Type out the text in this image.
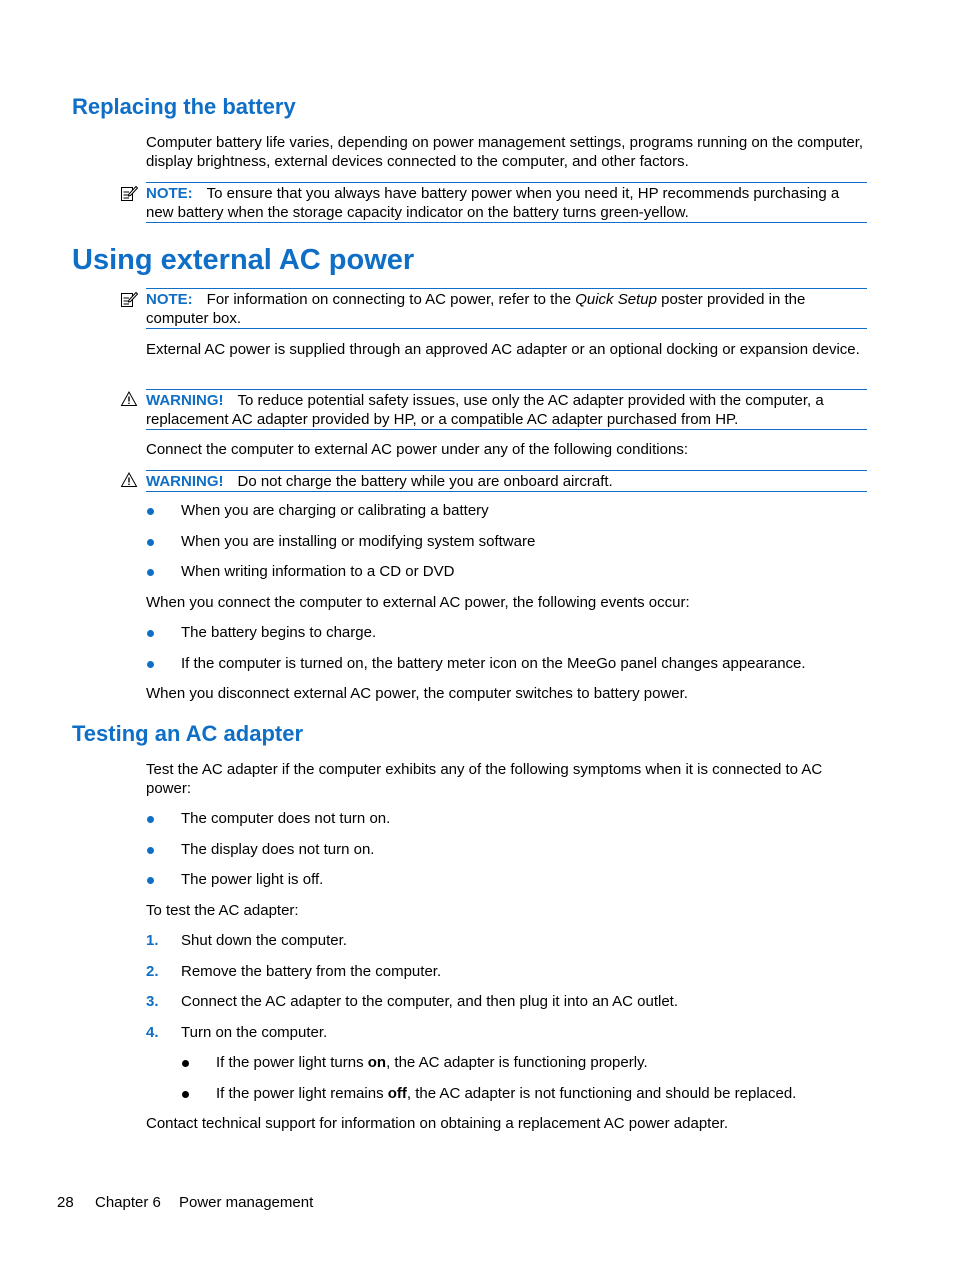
Replacing the battery

Computer battery life varies, depending on power management settings, programs running on the computer, display brightness, external devices connected to the computer, and other factors.

NOTE: To ensure that you always have battery power when you need it, HP recommends purchasing a new battery when the storage capacity indicator on the battery turns green-yellow.
Using external AC power
NOTE: For information on connecting to AC power, refer to the Quick Setup poster provided in the computer box.

External AC power is supplied through an approved AC adapter or an optional docking or expansion device.

WARNING! To reduce potential safety issues, use only the AC adapter provided with the computer, a replacement AC adapter provided by HP, or a compatible AC adapter purchased from HP.

Connect the computer to external AC power under any of the following conditions:

WARNING! Do not charge the battery while you are onboard aircraft.

When you are charging or calibrating a battery

When you are installing or modifying system software

When writing information to a CD or DVD

When you connect the computer to external AC power, the following events occur:

The battery begins to charge.

If the computer is turned on, the battery meter icon on the MeeGo panel changes appearance.

When you disconnect external AC power, the computer switches to battery power.

Testing an AC adapter

Test the AC adapter if the computer exhibits any of the following symptoms when it is connected to AC power:

The computer does not turn on.

The display does not turn on.

The power light is off.

To test the AC adapter:

1. Shut down the computer.

2. Remove the battery from the computer.

3. Connect the AC adapter to the computer, and then plug it into an AC outlet.

4. Turn on the computer.

If the power light turns on, the AC adapter is functioning properly.

If the power light remains off, the AC adapter is not functioning and should be replaced.

Contact technical support for information on obtaining a replacement AC power adapter.

28 Chapter 6 Power management
